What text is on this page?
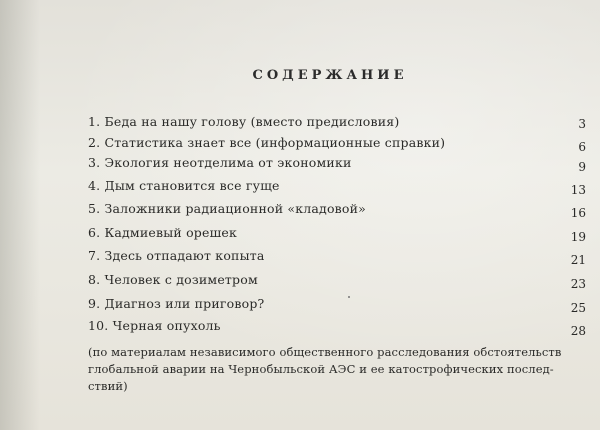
СОДЕРЖАНИЕ
1. Беда на нашу голову (вместо предисловия)	3
2. Статистика знает все (информационные справки)	6
3. Экология неотделима от экономики	9
4. Дым становится все гуще	13
5. Заложники радиационной «кладовой»	16
6. Кадмиевый орешек	19
7. Здесь отпадают копыта	21
8. Человек с дозиметром	23
9. Диагноз или приговор?	25
10. Черная опухоль	28
(по материалам независимого общественного расследования обстоятельств
глобальной аварии на Чернобыльской АЭС и ее катострофических послед-
ствий)
